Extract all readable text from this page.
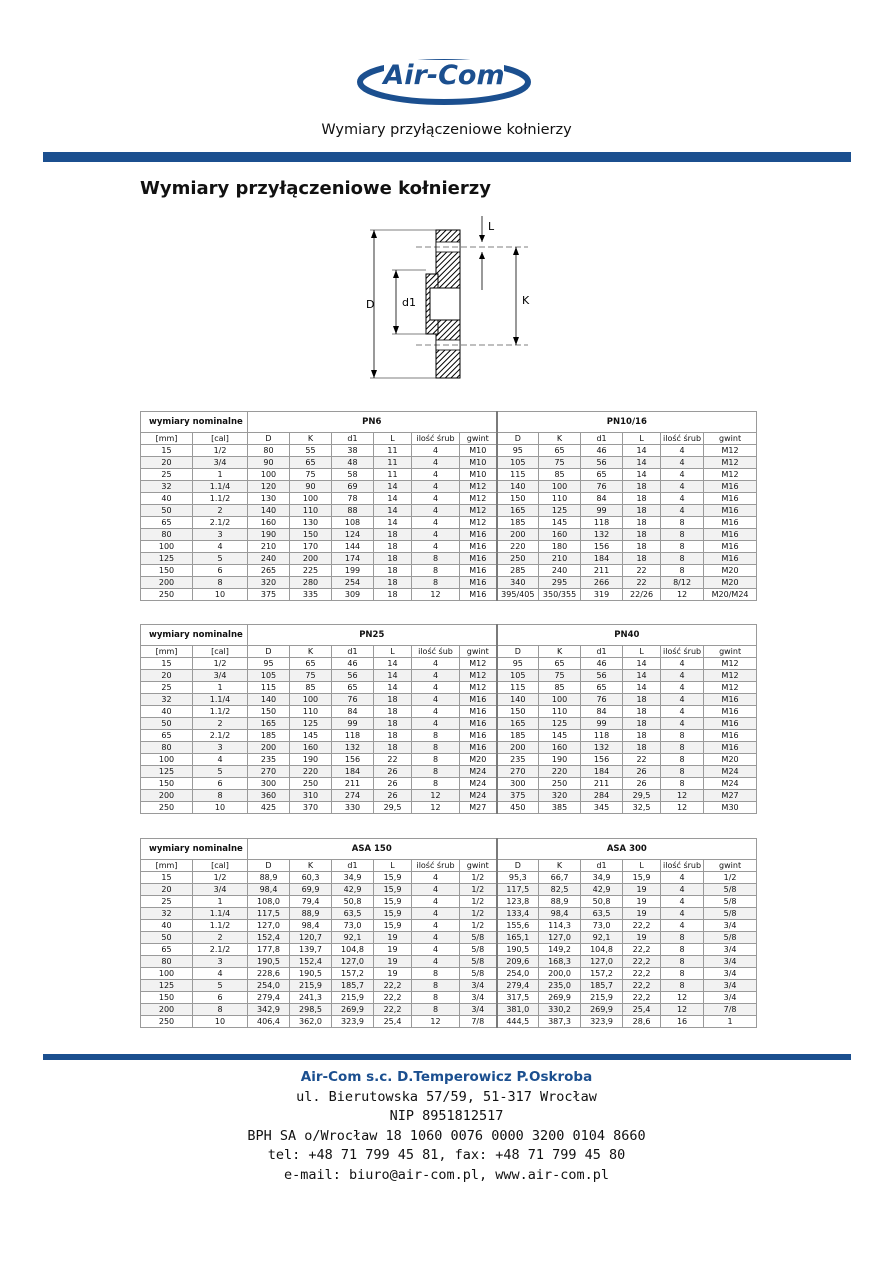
Air-Com
Wymiary przyłączeniowe kołnierzy
Wymiary przyłączeniowe kołnierzy
D	d1	K
L
wymiary nominalne		PN6						PN10/16					
[mm]	[cal]	D	K	d1	L	ilość śrub	gwint	D	K	d1	L	ilość śrub	gwint
15	1/2	80	55	38	11	4	M10	95	65	46	14	4	M12
20	3/4	90	65	48	11	4	M10	105	75	56	14	4	M12
25	1	100	75	58	11	4	M10	115	85	65	14	4	M12
32	1.1/4	120	90	69	14	4	M12	140	100	76	18	4	M16
40	1.1/2	130	100	78	14	4	M12	150	110	84	18	4	M16
50	2	140	110	88	14	4	M12	165	125	99	18	4	M16
65	2.1/2	160	130	108	14	4	M12	185	145	118	18	8	M16
80	3	190	150	124	18	4	M16	200	160	132	18	8	M16
100	4	210	170	144	18	4	M16	220	180	156	18	8	M16
125	5	240	200	174	18	8	M16	250	210	184	18	8	M16
150	6	265	225	199	18	8	M16	285	240	211	22	8	M20
200	8	320	280	254	18	8	M16	340	295	266	22	8/12	M20
250	10	375	335	309	18	12	M16	395/405	350/355	319	22/26	12	M20/M24
wymiary nominalne		PN25						PN40					
[mm]	[cal]	D	K	d1	L	ilość śub	gwint	D	K	d1	L	ilość śrub	gwint
15	1/2	95	65	46	14	4	M12	95	65	46	14	4	M12
20	3/4	105	75	56	14	4	M12	105	75	56	14	4	M12
25	1	115	85	65	14	4	M12	115	85	65	14	4	M12
32	1.1/4	140	100	76	18	4	M16	140	100	76	18	4	M16
40	1.1/2	150	110	84	18	4	M16	150	110	84	18	4	M16
50	2	165	125	99	18	4	M16	165	125	99	18	4	M16
65	2.1/2	185	145	118	18	8	M16	185	145	118	18	8	M16
80	3	200	160	132	18	8	M16	200	160	132	18	8	M16
100	4	235	190	156	22	8	M20	235	190	156	22	8	M20
125	5	270	220	184	26	8	M24	270	220	184	26	8	M24
150	6	300	250	211	26	8	M24	300	250	211	26	8	M24
200	8	360	310	274	26	12	M24	375	320	284	29,5	12	M27
250	10	425	370	330	29,5	12	M27	450	385	345	32,5	12	M30
wymiary nominalne		ASA 150						ASA 300					
[mm]	[cal]	D	K	d1	L	ilość śrub	gwint	D	K	d1	L	ilość śrub	gwint
15	1/2	88,9	60,3	34,9	15,9	4	1/2	95,3	66,7	34,9	15,9	4	1/2
20	3/4	98,4	69,9	42,9	15,9	4	1/2	117,5	82,5	42,9	19	4	5/8
25	1	108,0	79,4	50,8	15,9	4	1/2	123,8	88,9	50,8	19	4	5/8
32	1.1/4	117,5	88,9	63,5	15,9	4	1/2	133,4	98,4	63,5	19	4	5/8
40	1.1/2	127,0	98,4	73,0	15,9	4	1/2	155,6	114,3	73,0	22,2	4	3/4
50	2	152,4	120,7	92,1	19	4	5/8	165,1	127,0	92,1	19	8	5/8
65	2.1/2	177,8	139,7	104,8	19	4	5/8	190,5	149,2	104,8	22,2	8	3/4
80	3	190,5	152,4	127,0	19	4	5/8	209,6	168,3	127,0	22,2	8	3/4
100	4	228,6	190,5	157,2	19	8	5/8	254,0	200,0	157,2	22,2	8	3/4
125	5	254,0	215,9	185,7	22,2	8	3/4	279,4	235,0	185,7	22,2	8	3/4
150	6	279,4	241,3	215,9	22,2	8	3/4	317,5	269,9	215,9	22,2	12	3/4
200	8	342,9	298,5	269,9	22,2	8	3/4	381,0	330,2	269,9	25,4	12	7/8
250	10	406,4	362,0	323,9	25,4	12	7/8	444,5	387,3	323,9	28,6	16	1
Air-Com s.c. D.Temperowicz P.Oskroba
ul. Bierutowska 57/59, 51-317 Wrocław
NIP 8951812517
BPH SA o/Wrocław 18 1060 0076 0000 3200 0104 8660
tel: +48 71 799 45 81, fax: +48 71 799 45 80
e-mail: biuro@air-com.pl, www.air-com.pl
